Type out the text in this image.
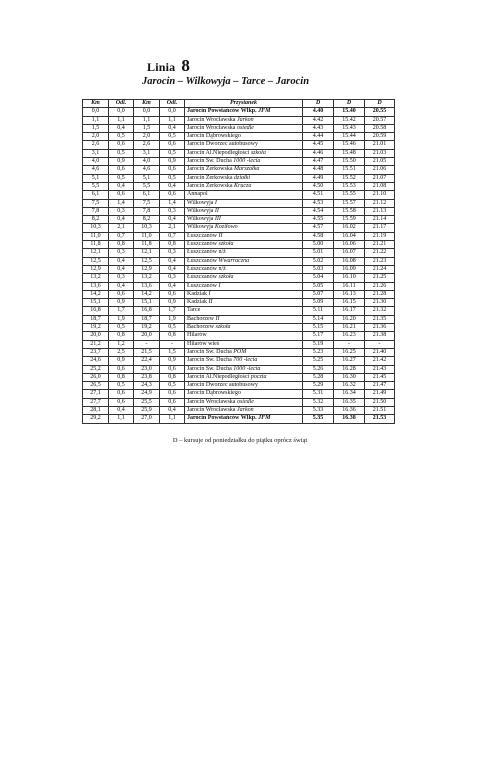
Linia 8
Jarocin – Wilkowyja – Tarce – Jarocin
Km	Odl.	Km	Odl.	Przystanek	D	D	D
0,0	0,0	0,0	0,0	Jarocin Powstańców Wlkp. JFM	4.40	15.40	20.55
1,1	1,1	1,1	1,1	Jarocin Wrocławska Jarkon	4.42	15.42	20.57
1,5	0,4	1,5	0,4	Jarocin Wrocławska osiedle	4.43	15.43	20.58
2,0	0,5	2,0	0,5	Jarocin Dąbrowskiego	4.44	15.44	20.59
2,6	0,6	2,6	0,6	Jarocin Dworzec autobusowy	4.45	15.46	21.01
3,1	0,5	3,1	0,5	Jarocin Al.Niepodległości szkoła	4.46	15.48	21.03
4,0	0,9	4,0	0,9	Jarocin Sw. Ducha 1000 -lecia	4.47	15.50	21.05
4,6	0,6	4,6	0,6	Jarocin Żerkowska Marszałka	4.48	15.51	21.06
5,1	0,5	5,1	0,5	Jarocin Żerkowska działki	4.49	15.52	21.07
5,5	0,4	5,5	0,4	Jarocin Żerkowska Krucza	4.50	15.53	21.08
6,1	0,6	6,1	0,6	Annapol	4.51	15.55	21.10
7,5	1,4	7,5	1,4	Wilkowyja I	4.53	15.57	21.12
7,8	0,3	7,8	0,3	Wilkowyja II	4.54	15.58	21.13
8,2	0,4	8,2	0,4	Wilkowyja III	4.55	15.59	21.14
10,3	2,1	10,3	2,1	Wilkowyja Koziłowo	4.57	16.02	21.17
11,0	0,7	11,0	0,7	Łuszczanów II	4.58	16.04	21.19
11,8	0,8	11,8	0,8	Łuszczanów szkoła	5.00	16.06	21.21
12,1	0,3	12,1	0,3	Łuszczanów n/ż	5.01	16.07	21.22
12,5	0,4	12,5	0,4	Łuszczanów Wwarraczna	5.02	16.08	21.23
12,9	0,4	12,9	0,4	Łuszczanów n/ż	5.03	16.09	21.24
13,2	0,3	13,2	0,3	Łuszczanów szkoła	5.04	16.10	21.25
13,6	0,4	13,6	0,4	Łuszczanów I	5.05	16.11	21.26
14,2	0,6	14,2	0,6	Kadziak I	5.07	16.13	21.28
15,1	0,9	15,1	0,9	Kadziak II	5.09	16.15	21.30
16,8	1,7	16,8	1,7	Tarce	5.11	16.17	21.32
18,7	1,9	18,7	1,9	Bachorzew II	5.14	16.20	21.35
19,2	0,5	19,2	0,5	Bachorzew szkoła	5.15	16.21	21.36
20,0	0,8	20,0	0,8	Hilarów	5.17	16.23	21.38
21,2	1,2	-	-	Hilarów wieś	5.19	-	-
23,7	2,5	21,5	1,5	Jarocin Św. Ducha POM	5.23	16.25	21.40
24,6	0,9	22,4	0,9	Jarocin Św. Ducha 700 -lecia	5.25	16.27	21.42
25,2	0,6	23,0	0,6	Jarocin Św. Ducha 1000 -lecia	5.26	16.28	21.43
26,0	0,8	23,8	0,8	Jarocin Al.Niepodległości poczta	5.28	16.30	21.45
26,5	0,5	24,3	0,5	Jarocin Dworzec autobusowy	5.29	16.32	21.47
27,1	0,6	24,9	0,6	Jarocin Dąbrowskiego	5.31	16.34	21.49
27,7	0,6	25,5	0,6	Jarocin Wrocławska osiedle	5.32	16.35	21.50
28,1	0,4	25,9	0,4	Jarocin Wrocławska Jarkon	5.33	16.36	21.51
29,2	1,1	27,0	1,1	Jarocin Powstańców Wlkp. JFM	5.35	16.38	21.53
D – kursuje od poniedziałku do piątku oprócz świąt
